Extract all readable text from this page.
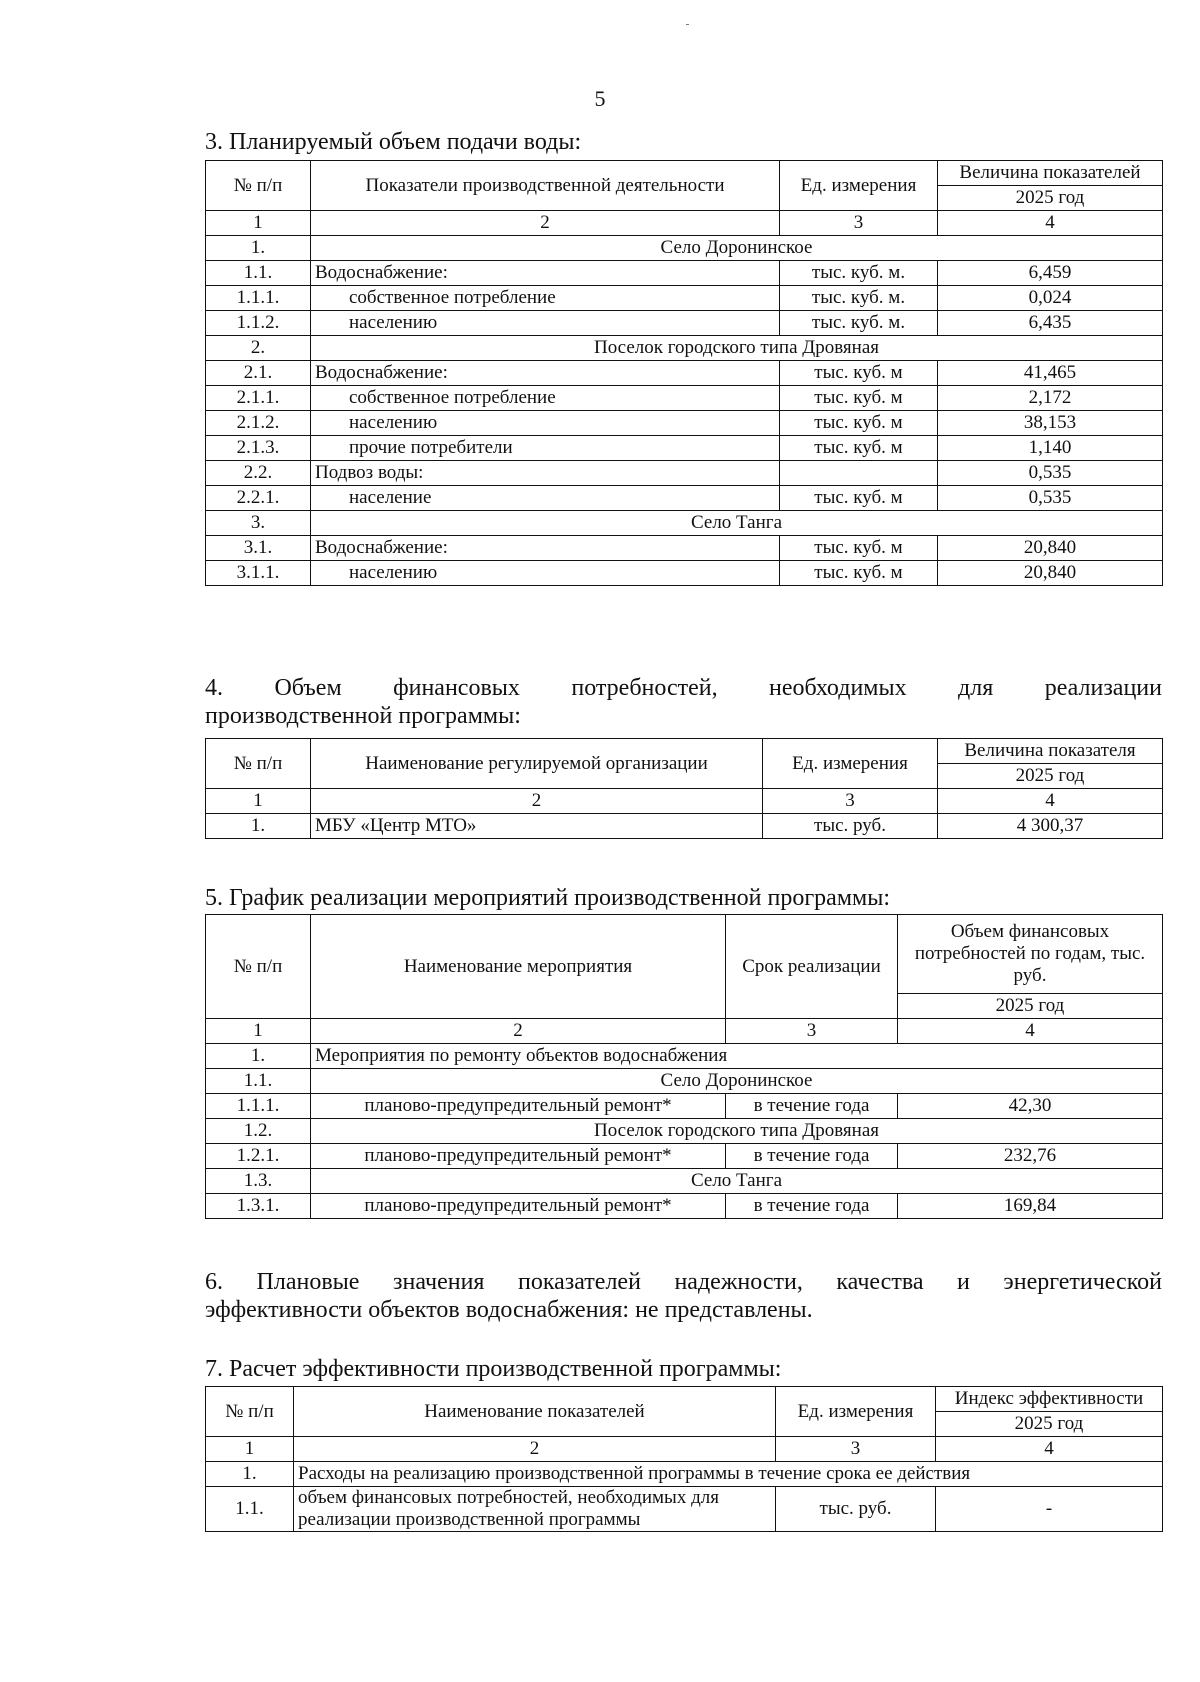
5
3. Планируемый объем подачи воды:
№ п/п	Показатели производственной деятельности	Ед. измерения	Величина показателей

			2025 год
1	2	3	4
1.	Село Доронинское		
1.1.	Водоснабжение:	тыс. куб. м.	6,459
1.1.1.	собственное потребление	тыс. куб. м.	0,024
1.1.2.	населению	тыс. куб. м.	6,435
2.	Поселок городского типа Дровяная		
2.1.	Водоснабжение:	тыс. куб. м	41,465
2.1.1.	собственное потребление	тыс. куб. м	2,172
2.1.2.	населению	тыс. куб. м	38,153
2.1.3.	прочие потребители	тыс. куб. м	1,140
2.2.	Подвоз воды:		0,535
2.2.1.	население	тыс. куб. м	0,535
3.	Село Танга		
3.1.	Водоснабжение:	тыс. куб. м	20,840
3.1.1.	населению	тыс. куб. м	20,840
4. Объем финансовых потребностей, необходимых для реализации
производственной программы:
№ п/п	Наименование регулируемой организации	Ед. измерения	Величина показателя
			2025 год
1	2	3	4
1.	МБУ «Центр МТО»	тыс. руб.	4 300,37
5. График реализации мероприятий производственной программы:
№ п/п	Наименование мероприятия	Срок реализации	Объем финансовых потребностей по годам, тыс. руб.
			2025 год
1	2	3	4
1.	Мероприятия по ремонту объектов водоснабжения		
1.1.	Село Доронинское		
1.1.1.	планово-предупредительный ремонт*	в течение года	42,30
1.2.	Поселок городского типа Дровяная		
1.2.1.	планово-предупредительный ремонт*	в течение года	232,76
1.3.	Село Танга		
1.3.1.	планово-предупредительный ремонт*	в течение года	169,84
6. Плановые значения показателей надежности, качества и энергетической
эффективности объектов водоснабжения: не представлены.
7. Расчет эффективности производственной программы:
№ п/п	Наименование показателей	Ед. измерения	Индекс эффективности

			2025 год
1	2	3	4
1.	Расходы на реализацию производственной программы в течение срока ее действия		
1.1.	объем финансовых потребностей, необходимых для реализации производственной программы	тыс. руб.	-
